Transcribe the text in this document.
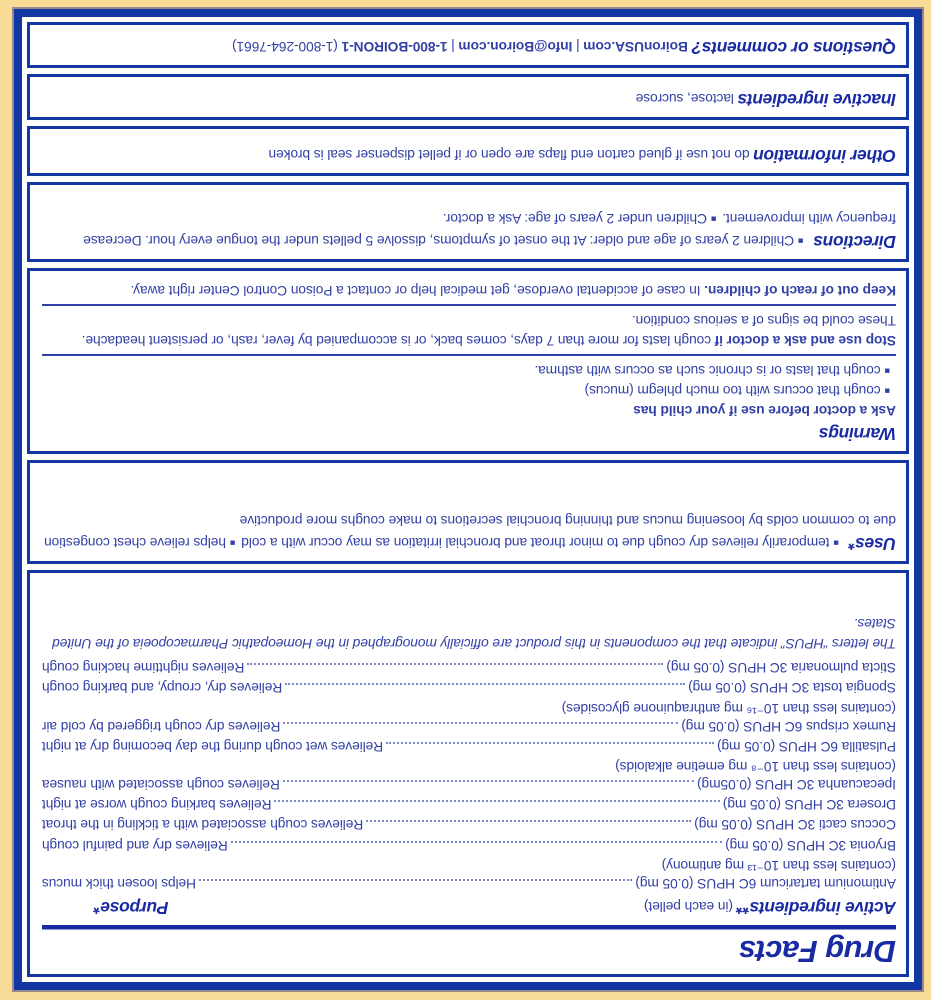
Drug Facts
Active ingredients** (in each pellet)
Purpose*
Antimonium tartaricum 6C HPUS (0.05 mg)
Helps loosen thick mucus
(contains less than 10⁻¹³ mg antimony)
Bryonia 3C HPUS (0.05 mg)
Relieves dry and painful cough
Coccus cacti 3C HPUS (0.05 mg)
Relieves cough associated with a tickling in the throat
Drosera 3C HPUS (0.05 mg)
Relieves barking cough worse at night
Ipecacuanha 3C HPUS (0.05mg)
Relieves cough associated with nausea
(contains less than 10⁻⁸ mg emetine alkaloids)
Pulsatilla 6C HPUS (0.05 mg)
Relieves wet cough during the day becoming dry at night
Rumex crispus 6C HPUS (0.05 mg)
Relieves dry cough triggered by cold air
(contains less than 10⁻¹⁶ mg anthraquinone glycosides)
Spongia tosta 3C HPUS (0.05 mg)
Relieves dry, croupy, and barking cough
Sticta pulmonaria 3C HPUS (0.05 mg)
Relieves nighttime hacking cough

The letters “HPUS” indicate that the components in this product are officially monographed in the Homeopathic Pharmacopoeia of the United States.

Uses*■temporarily relieves dry cough due to minor throat and bronchial irritation as may occur with a cold■helps relieve chest congestion due to common colds by loosening mucus and thinning bronchial secretions to make coughs more productive

Warnings

Ask a doctor before use if your child has

■cough that occurs with too much phlegm (mucus)

■cough that lasts or is chronic such as occurs with asthma.

Stop use and ask a doctor if cough lasts for more than 7 days, comes back, or is accompanied by fever, rash, or persistent headache. These could be signs of a serious condition.

Keep out of reach of children. In case of accidental overdose, get medical help or contact a Poison Control Center right away.

Directions■Children 2 years of age and older: At the onset of symptoms, dissolve 5 pellets under the tongue every hour. Decrease frequency with improvement.■Children under 2 years of age: Ask a doctor.

Other information do not use if glued carton end flaps are open or if pellet dispenser seal is broken

Inactive ingredients lactose, sucrose

Questions or comments? BoironUSA.com | Info@Boiron.com | 1-800-BOIRON-1 (1-800-264-7661)
